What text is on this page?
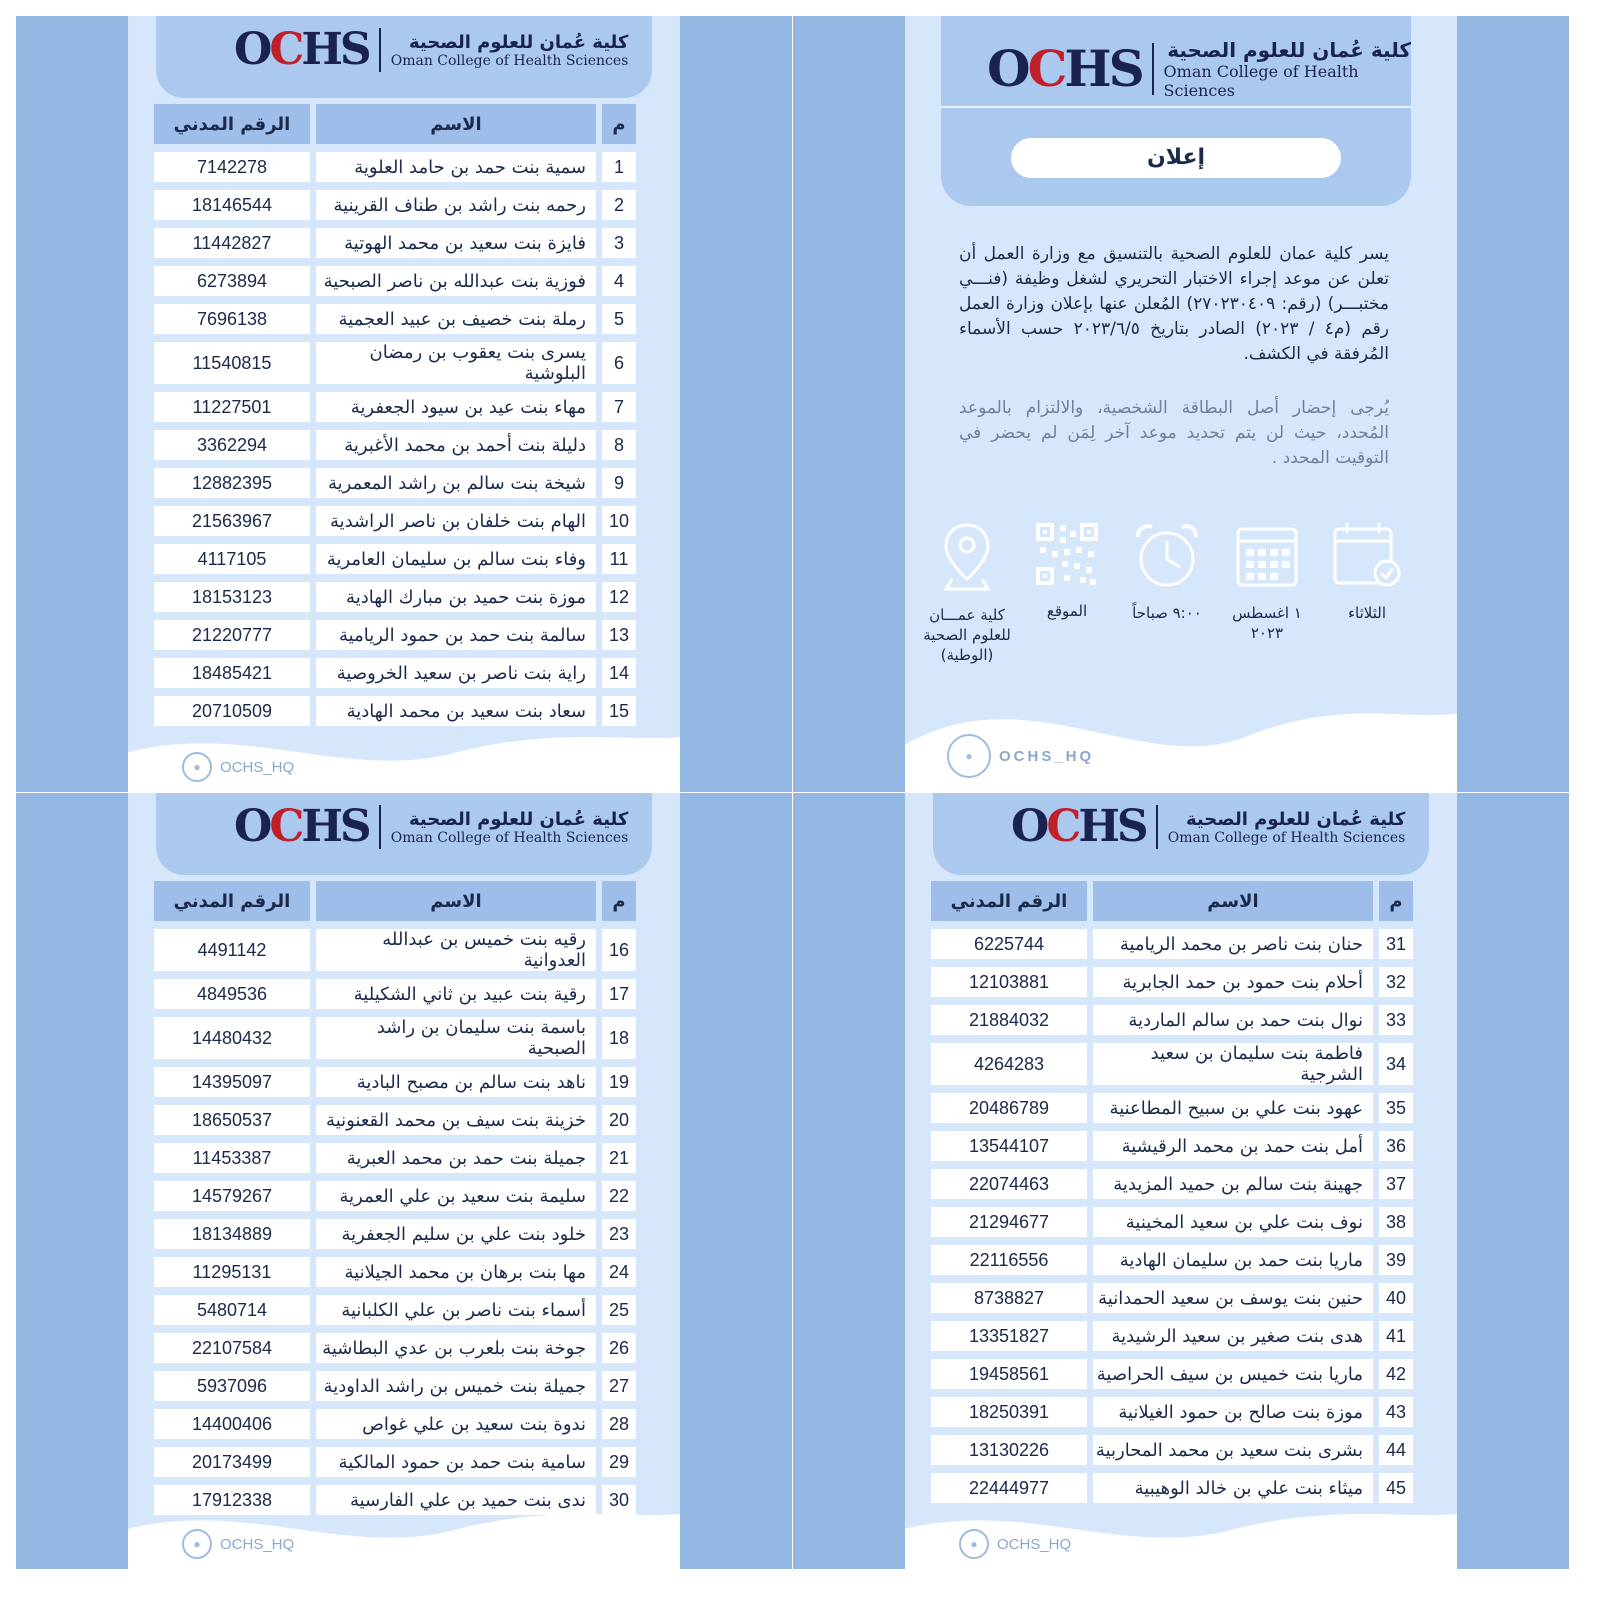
OCHS كلية عُمان للعلوم الصحية
Oman College of Health Sciences
م	الاسم	الرقم المدني
1	سمية بنت حمد بن حامد العلوية	7142278
2	رحمه بنت راشد بن طناف القرينية	18146544
3	فايزة بنت سعيد بن محمد الهوتية	11442827
4	فوزية بنت عبدالله بن ناصر الصبحية	6273894
5	رملة بنت خصيف بن عبيد العجمية	7696138
6	يسرى بنت يعقوب بن رمضان البلوشية	11540815
7	مهاء بنت عيد بن سيود الجعفرية	11227501
8	دليلة بنت أحمد بن محمد الأغبرية	3362294
9	شيخة بنت سالم بن راشد المعمرية	12882395
10	الهام بنت خلفان بن ناصر الراشدية	21563967
11	وفاء بنت سالم بن سليمان العامرية	4117105
12	موزة بنت حميد بن مبارك الهادية	18153123
13	سالمة بنت حمد بن حمود الريامية	21220777
14	راية بنت ناصر بن سعيد الخروصية	18485421
15	سعاد بنت سعيد بن محمد الهادية	20710509
●	OCHS_HQ
OCHS كلية عُمان للعلوم الصحية
Oman College of Health Sciences
إعلان
يسر كلية عمان للعلوم الصحية بالتنسيق مع وزارة العمل أن تعلن عن موعد إجراء الاختبار التحريري لشغل وظيفة (فنـــي مختبـــر) (رقم: ٢٧٠٢٣٠٤٠٩) المُعلن عنها بإعلان وزارة العمل رقم (م٤ / ٢٠٢٣) الصادر بتاريخ ٢٠٢٣/٦/٥ حسب الأسماء المُرفقة في الكشف.
يُرجى إحضار أصل البطاقة الشخصية، والالتزام بالموعد المُحدد، حيث لن يتم تحديد موعد آخر لِمَن لم يحضر في التوقيت المحدد .
الثلاثاء
١ اغسطس ٢٠٢٣
٩:٠٠ صباحاً
الموقع
كلية عمـــان للعلوم الصحية (الوطية)
●	OCHS_HQ
OCHS كلية عُمان للعلوم الصحية
Oman College of Health Sciences
م	الاسم	الرقم المدني
16	رقيه بنت خميس بن عبدالله العدوانية	4491142
17	رقية بنت عبيد بن ثاني الشكيلية	4849536
18	باسمة بنت سليمان بن راشد الصبحية	14480432
19	ناهد بنت سالم بن مصبح البادية	14395097
20	خزينة بنت سيف بن محمد القعنونية	18650537
21	جميلة بنت حمد بن محمد العبرية	11453387
22	سليمة بنت سعيد بن علي العمرية	14579267
23	خلود بنت علي بن سليم الجعفرية	18134889
24	مها بنت برهان بن محمد الجيلانية	11295131
25	أسماء بنت ناصر بن علي الكلبانية	5480714
26	جوخة بنت بلعرب بن عدي البطاشية	22107584
27	جميلة بنت خميس بن راشد الداودية	5937096
28	ندوة بنت سعيد بن علي غواص	14400406
29	سامية بنت حمد بن حمود المالكية	20173499
30	ندى بنت حميد بن علي الفارسية	17912338
●	OCHS_HQ
OCHS كلية عُمان للعلوم الصحية
Oman College of Health Sciences
م	الاسم	الرقم المدني
31	حنان بنت ناصر بن محمد الريامية	6225744
32	أحلام بنت حمود بن حمد الجابرية	12103881
33	نوال بنت حمد بن سالم الماردية	21884032
34	فاطمة بنت سليمان بن سعيد الشرجية	4264283
35	عهود بنت علي بن سبيح المطاعنية	20486789
36	أمل بنت حمد بن محمد الرقيشية	13544107
37	جهينة بنت سالم بن حميد المزيدية	22074463
38	نوف بنت علي بن سعيد المخينية	21294677
39	ماريا بنت حمد بن سليمان الهادية	22116556
40	حنين بنت يوسف بن سعيد الحمدانية	8738827
41	هدى بنت صغير بن سعيد الرشيدية	13351827
42	ماريا بنت خميس بن سيف الحراصية	19458561
43	موزة بنت صالح بن حمود الغيلانية	18250391
44	بشرى بنت سعيد بن محمد المحاربية	13130226
45	ميثاء بنت علي بن خالد الوهيبية	22444977
●	OCHS_HQ
